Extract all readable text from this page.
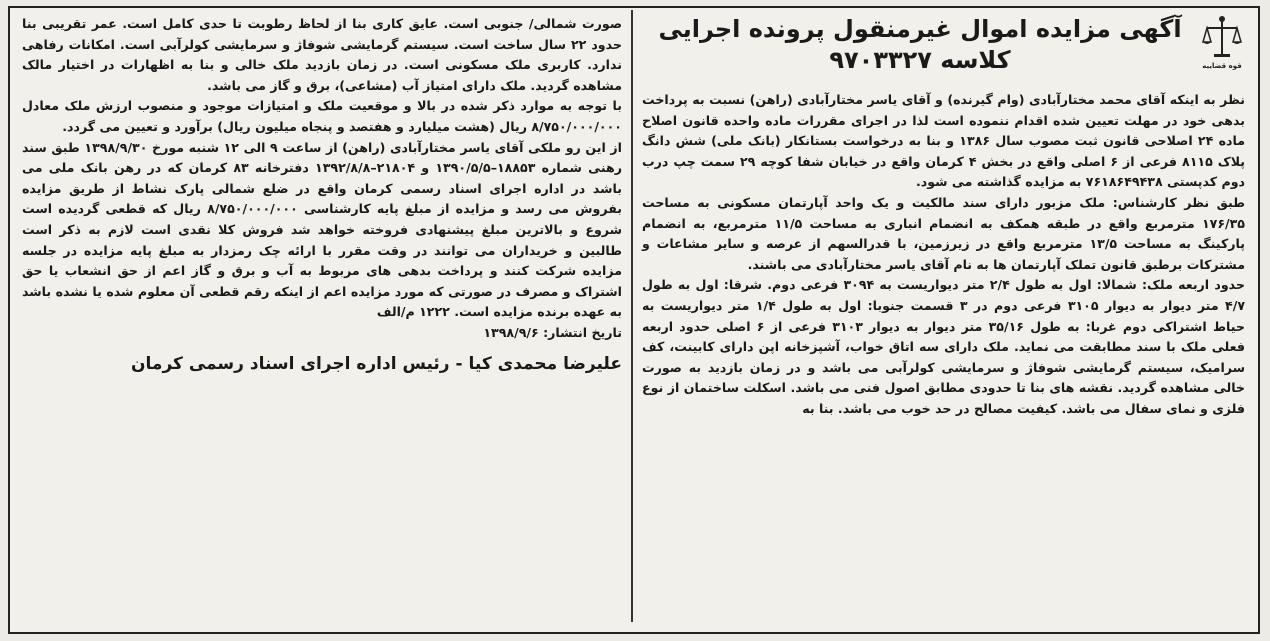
قوه قضاییه
آگهی مزایده اموال غیرمنقول پرونده اجرایی کلاسه ۹۷۰۳۳۲۷

نظر به اینکه آقای محمد مختارآبادی (وام گیرنده) و آقای یاسر مختارآبادی (راهن) نسبت به پرداخت بدهی خود در مهلت تعیین شده اقدام ننموده است لذا در اجرای مقررات ماده واحده قانون اصلاح ماده ۲۴ اصلاحی قانون ثبت مصوب سال ۱۳۸۶ و بنا به درخواست بستانکار (بانک ملی) شش دانگ پلاک ۸۱۱۵ فرعی از ۶ اصلی واقع در بخش ۴ کرمان واقع در خیابان شفا کوچه ۲۹ سمت چپ درب دوم کدپستی ۷۶۱۸۶۴۹۴۳۸ به مزایده گذاشته می شود.

طبق نظر کارشناس: ملک مزبور دارای سند مالکیت و یک واحد آپارتمان مسکونی به مساحت ۱۷۶/۳۵ مترمربع واقع در طبقه همکف به انضمام انباری به مساحت ۱۱/۵ مترمربع، به انضمام پارکینگ به مساحت ۱۳/۵ مترمربع واقع در زیرزمین، با قدرالسهم از عرصه و سایر مشاعات و مشترکات برطبق قانون تملک آپارتمان ها به نام آقای یاسر مختارآبادی می باشند.

حدود اربعه ملک: شمالا: اول به طول ۲/۴ متر دیواریست به ۳۰۹۴ فرعی دوم. شرقا: اول به طول ۴/۷ متر دیوار به دیوار ۳۱۰۵ فرعی دوم در ۳ قسمت جنوبا: اول به طول ۱/۴ متر دیواریست به حیاط اشتراکی دوم غربا: به طول ۳۵/۱۶ متر دیوار به دیوار ۳۱۰۳ فرعی از ۶ اصلی حدود اربعه فعلی ملک با سند مطابقت می نماید. ملک دارای سه اتاق خواب، آشپزخانه اپن دارای کابینت، کف سرامیک، سیستم گرمایشی شوفاژ و سرمایشی کولرآبی می باشد و در زمان بازدید به صورت خالی مشاهده گردید. نقشه های بنا تا حدودی مطابق اصول فنی می باشد. اسکلت ساختمان از نوع فلزی و نمای سفال می باشد. کیفیت مصالح در حد خوب می باشد. بنا به

صورت شمالی/ جنوبی است. عایق کاری بنا از لحاظ رطوبت تا حدی کامل است. عمر تقریبی بنا حدود ۲۲ سال ساخت است. سیستم گرمایشی شوفاژ و سرمایشی کولرآبی است. امکانات رفاهی ندارد. کاربری ملک مسکونی است. در زمان بازدید ملک خالی و بنا به اظهارات در اختیار مالک مشاهده گردید. ملک دارای امتیاز آب (مشاعی)، برق و گاز می باشد.

با توجه به موارد ذکر شده در بالا و موقعیت ملک و امتیازات موجود و منصوب ارزش ملک معادل ۸/۷۵۰/۰۰۰/۰۰۰ ریال (هشت میلیارد و هفتصد و پنجاه میلیون ریال) برآورد و تعیین می گردد.

از این رو ملکی آقای یاسر مختارآبادی (راهن) از ساعت ۹ الی ۱۲ شنبه مورخ ۱۳۹۸/۹/۳۰ طبق سند رهنی شماره ۱۸۸۵۳–۱۳۹۰/۵/۵ و ۲۱۸۰۴–۱۳۹۲/۸/۸ دفترخانه ۸۳ کرمان که در رهن بانک ملی می باشد در اداره اجرای اسناد رسمی کرمان واقع در ضلع شمالی پارک نشاط از طریق مزایده بفروش می رسد و مزایده از مبلغ پایه کارشناسی ۸/۷۵۰/۰۰۰/۰۰۰ ریال که قطعی گردیده است شروع و بالاترین مبلغ پیشنهادی فروخته خواهد شد فروش کلا نقدی است لازم به ذکر است طالبین و خریداران می توانند در وقت مقرر با ارائه چک رمزدار به مبلغ پایه مزایده در جلسه مزایده شرکت کنند و پرداخت بدهی های مربوط به آب و برق و گاز اعم از حق انشعاب یا حق اشتراک و مصرف در صورتی که مورد مزایده اعم از اینکه رقم قطعی آن معلوم شده یا نشده باشد به عهده برنده مزایده است. ۱۲۲۲ م/الف

تاریخ انتشار: ۱۳۹۸/۹/۶

علیرضا محمدی کیا - رئیس اداره اجرای اسناد رسمی کرمان
